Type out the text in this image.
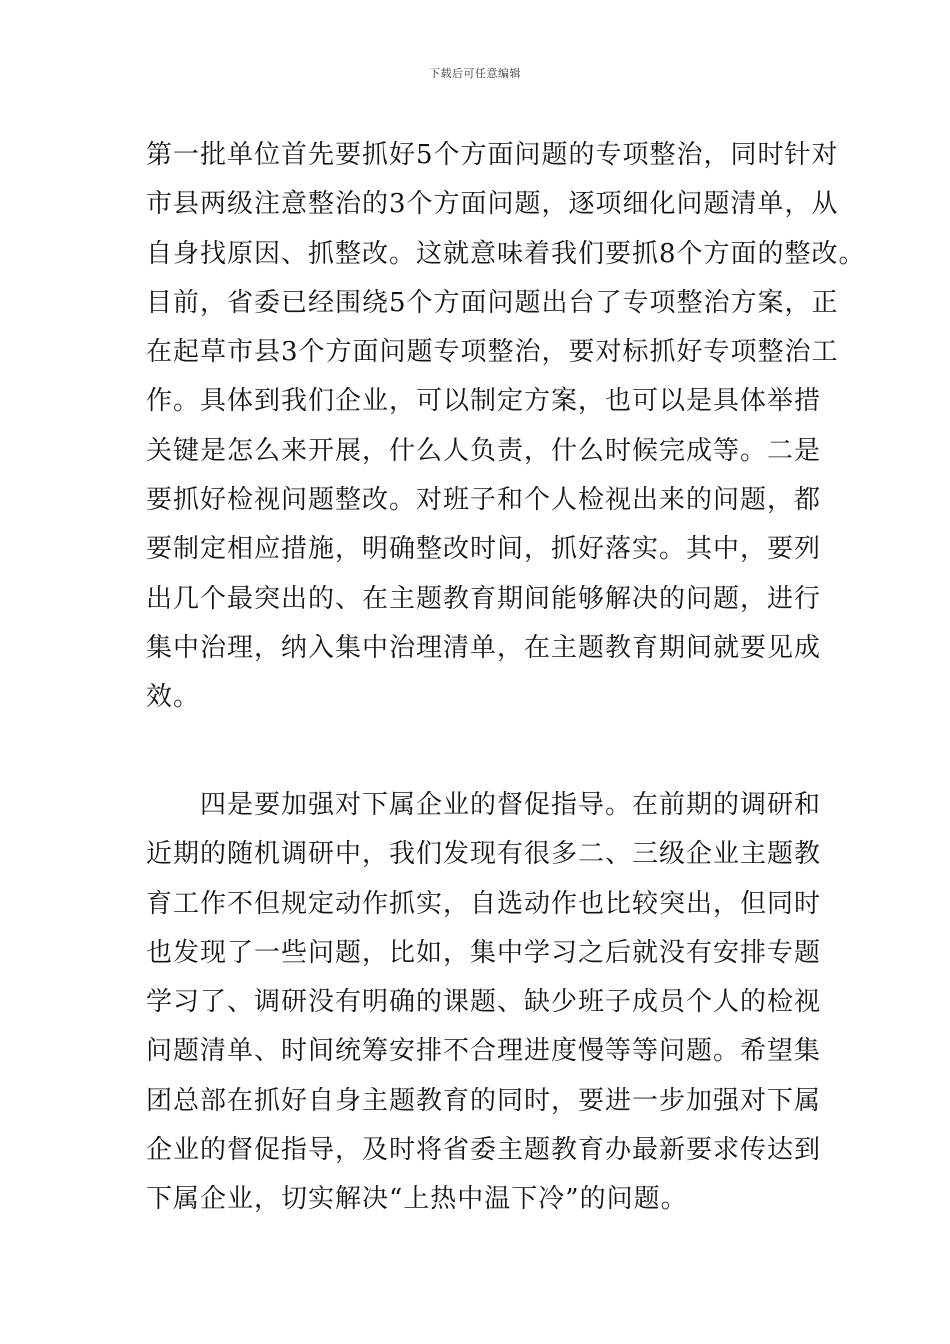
下载后可任意编辑
第一批单位首先要抓好5个方面问题的专项整治，同时针对
市县两级注意整治的3个方面问题，逐项细化问题清单，从
自身找原因、抓整改。这就意味着我们要抓8个方面的整改。
目前，省委已经围绕5个方面问题出台了专项整治方案，正
在起草市县3个方面问题专项整治，要对标抓好专项整治工
作。具体到我们企业，可以制定方案，也可以是具体举措
关键是怎么来开展，什么人负责，什么时候完成等。二是
要抓好检视问题整改。对班子和个人检视出来的问题，都
要制定相应措施，明确整改时间，抓好落实。其中，要列
出几个最突出的、在主题教育期间能够解决的问题，进行
集中治理，纳入集中治理清单，在主题教育期间就要见成
效。
　　四是要加强对下属企业的督促指导。在前期的调研和
近期的随机调研中，我们发现有很多二、三级企业主题教
育工作不但规定动作抓实，自选动作也比较突出，但同时
也发现了一些问题，比如，集中学习之后就没有安排专题
学习了、调研没有明确的课题、缺少班子成员个人的检视
问题清单、时间统筹安排不合理进度慢等等问题。希望集
团总部在抓好自身主题教育的同时，要进一步加强对下属
企业的督促指导，及时将省委主题教育办最新要求传达到
下属企业，切实解决“上热中温下冷”的问题。
